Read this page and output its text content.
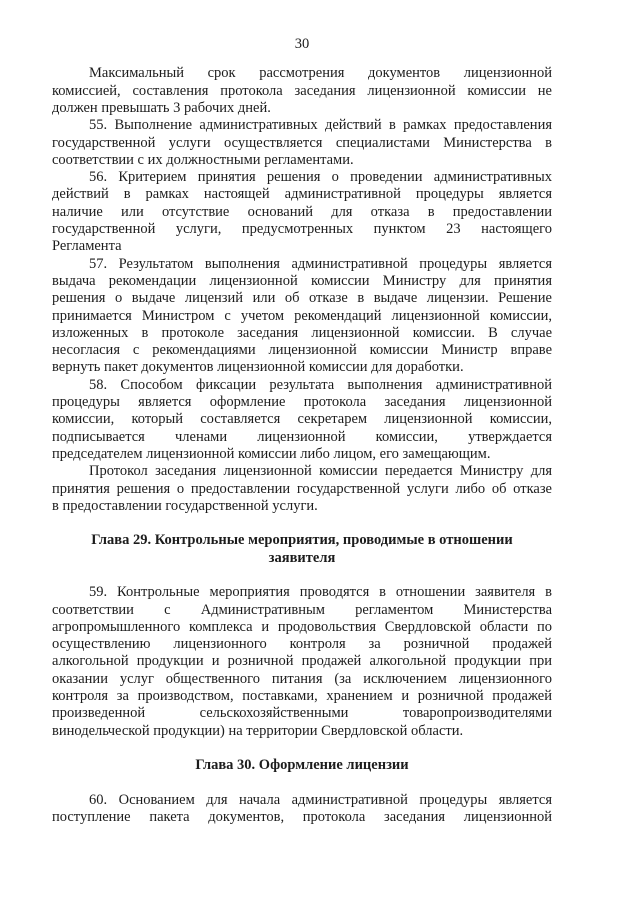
30
Максимальный срок рассмотрения документов лицензионной
комиссией, составления протокола заседания лицензионной комиссии не
должен превышать 3 рабочих дней.
55. Выполнение административных действий в рамках предоставления
государственной услуги осуществляется специалистами Министерства в
соответствии с их должностными регламентами.
56. Критерием принятия решения о проведении административных
действий в рамках настоящей административной процедуры является
наличие или отсутствие оснований для отказа в предоставлении
государственной услуги, предусмотренных пунктом 23 настоящего
Регламента
57. Результатом выполнения административной процедуры является
выдача рекомендации лицензионной комиссии Министру для принятия
решения о выдаче лицензий или об отказе в выдаче лицензии. Решение
принимается Министром с учетом рекомендаций лицензионной комиссии,
изложенных в протоколе заседания лицензионной комиссии. В случае
несогласия с рекомендациями лицензионной комиссии Министр вправе
вернуть пакет документов лицензионной комиссии для доработки.
58. Способом фиксации результата выполнения административной
процедуры является оформление протокола заседания лицензионной
комиссии, который составляется секретарем лицензионной комиссии,
подписывается членами лицензионной комиссии, утверждается
председателем лицензионной комиссии либо лицом, его замещающим.
Протокол заседания лицензионной комиссии передается Министру для
принятия решения о предоставлении государственной услуги либо об отказе
в предоставлении государственной услуги.
Глава 29. Контрольные мероприятия, проводимые в отношении
заявителя
59. Контрольные мероприятия проводятся в отношении заявителя в
соответствии с Административным регламентом Министерства
агропромышленного комплекса и продовольствия Свердловской области по
осуществлению лицензионного контроля за розничной продажей
алкогольной продукции и розничной продажей алкогольной продукции при
оказании услуг общественного питания (за исключением лицензионного
контроля за производством, поставками, хранением и розничной продажей
произведенной сельскохозяйственными товаропроизводителями
винодельческой продукции) на территории Свердловской области.
Глава 30. Оформление лицензии
60. Основанием для начала административной процедуры является
поступление пакета документов, протокола заседания лицензионной
